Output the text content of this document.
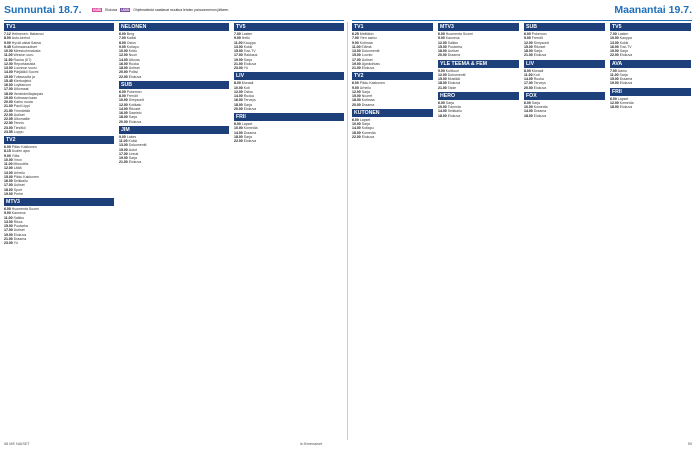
Sunnuntai 18.7.	UUSI Elokuva UUSI Ohjelmatiedot saattavat muuttua lehden painoonmenon jälkeen.	Maanantai 19.7.
TV1
7.12 Helmenen: Iltatanssi
8.00 Auto-kerhot
9.00 Hyvät valtat Saksa
9.45 Kotimaanuutiset
10.00 Meeskuhmatusta
11.00 Weston uuru.
11.50 Rauha (K7)
12.00 Reportaasista
13.00 Luonnon vuosi
14.00 Pärjääkö Suomi
15.00 Tuttavuutta ja
15.45 Kiertoajelut
16.00 Loyttanoon
17.00 Ulkomaat
18.00 Ihmetoimittajaopas
19.00 Kotimaan kaan
20.00 Karhu nuota
21.00 Pauli Lippi
21.50 Ymmärtää
22.00 Uutiset
22.05 Ulkomaille
22.50 Tennis
23.00 Tiesitkö
23.55 Loppu
TV2
6.00 Pikku Kakkonen
8.15 Uuden ajan
9.00 Ylläs
10.00 Viron
11.00 Minuuttiis
12.00 Lättä
13.00 Urheilu
15.00 Pikku Kakkonen
16.00 Seikkailu
17.00 Uutiset
18.00 Sport
19.00 Perhe
MTV3
6.00 Huomenta Suomi
9.00 Kauneus
11.00 Salkku
13.00 Rikos
15.00 Puutarha
17.00 Uutiset
19.00 Elokuva
21.00 Draama
23.00 Yö
NELONEN
6.00 Berg
7.00 Kaikki
8.00 Ostos
9.00 Kotiapu
10.00 Kettu
12.00 Nuori
14.00 Ulkona
16.00 Ruoka
18.00 Uutiset
20.00 Poliisi
22.00 Elokuva
SUB
6.00 Pokemon
8.00 Frendit
10.00 Simpsonit
12.00 Kotikatu
14.00 Rikoset
16.00 Saaristo
18.00 Sarja
20.00 Elokuva
JIM
9.00 Lakes
11.00 Kokki
13.00 Dokumentti
15.00 Autot
17.00 Linnat
19.00 Sarja
21.00 Elokuva
TV5
7.00 Lasten
9.00 Hetki
11.00 Kauppa
13.00 Kokki
15.00 Tosi-TV
17.00 Rakkaus
19.00 Sarja
21.00 Elokuva
23.00 Yö
LIV
8.00 Moraali
10.00 Koti
12.00 Ostos
14.00 Ruoka
16.00 Terveys
18.00 Sarja
20.00 Elokuva
FRII
6.00 Lapset
10.00 Komedia
14.00 Draama
18.00 Sarja
22.00 Elokuva
TV1
6.25 Meiltäkin
7.00 Ylen aamu
9.00 Kotimaa
11.00 Elämä
13.00 Dokumentti
15.00 Luonto
17.00 Uutiset
19.00 Ajankohtais
21.00 Elokuva
TV2
6.00 Pikku Kakkonen
9.00 Urheilu
12.00 Sarja
15.00 Nuoret
18.00 Kotimaa
20.00 Draama
KUTONEN
6.00 Lapset
10.00 Sarja
14.00 Kotiapu
18.00 Komedia
22.00 Elokuva
MTV3
6.00 Huomenta Suomi
9.00 Kauneus
12.00 Salkku
15.00 Puutarha
18.00 Uutiset
20.00 Draama
YLE TEEMA & FEM
9.00 Kulttuuri
12.00 Dokumentti
15.00 Musiikki
18.00 Elokuva
21.00 Taide
HERO
6.00 Sarja
10.00 Toiminta
14.00 Seikkailu
18.00 Elokuva
SUB
6.00 Pokemon
9.00 Frendit
12.00 Simpsonit
15.00 Rikoset
18.00 Sarja
21.00 Elokuva
LIV
8.00 Moraali
11.00 Koti
14.00 Ruoka
17.00 Terveys
20.00 Elokuva
FOX
6.00 Sarja
10.00 Komedia
14.00 Draama
18.00 Elokuva
TV5
7.00 Lasten
10.00 Kauppa
13.00 Kokki
16.00 Tosi-TV
19.00 Sarja
22.00 Elokuva
AVA
7.00 Aamu
11.00 Sarja
15.00 Draama
19.00 Elokuva
FRII
6.00 Lapset
12.00 Komedia
18.00 Elokuva
58 ME NAISET	is.fi/menaiset	59
